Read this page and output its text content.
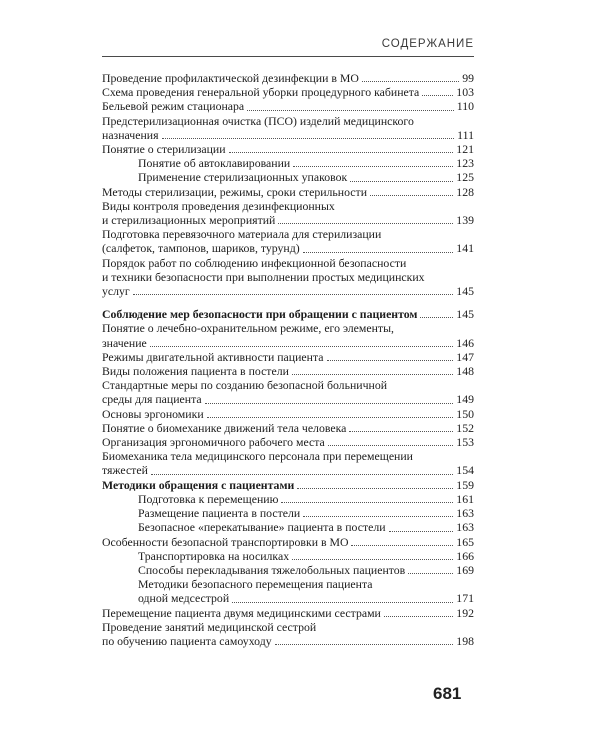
СОДЕРЖАНИЕ
Проведение профилактической дезинфекции в МО	99
Схема проведения генеральной уборки процедурного кабинета	103
Бельевой режим стационара	110
Предстерилизационная очистка (ПСО) изделий медицинского
назначения	111
Понятие о стерилизации	121
Понятие об автоклавировании	123
Применение стерилизационных упаковок	125
Методы стерилизации, режимы, сроки стерильности	128
Виды контроля проведения дезинфекционных
и стерилизационных мероприятий	139
Подготовка перевязочного материала для стерилизации
(салфеток, тампонов, шариков, турунд)	141
Порядок работ по соблюдению инфекционной безопасности
и техники безопасности при выполнении простых медицинских
услуг	145
Соблюдение мер безопасности при обращении с пациентом	145
Понятие о лечебно-охранительном режиме, его элементы,
значение	146
Режимы двигательной активности пациента	147
Виды положения пациента в постели	148
Стандартные меры по созданию безопасной больничной
среды для пациента	149
Основы эргономики	150
Понятие о биомеханике движений тела человека	152
Организация эргономичного рабочего места	153
Биомеханика тела медицинского персонала при перемещении
тяжестей	154
Методики обращения с пациентами	159
Подготовка к перемещению	161
Размещение пациента в постели	163
Безопасное «перекатывание» пациента в постели	163
Особенности безопасной транспортировки в МО	165
Транспортировка на носилках	166
Способы перекладывания тяжелобольных пациентов	169
Методики безопасного перемещения пациента
одной медсестрой	171
Перемещение пациента двумя медицинскими сестрами	192
Проведение занятий медицинской сестрой
по обучению пациента самоуходу	198
681
